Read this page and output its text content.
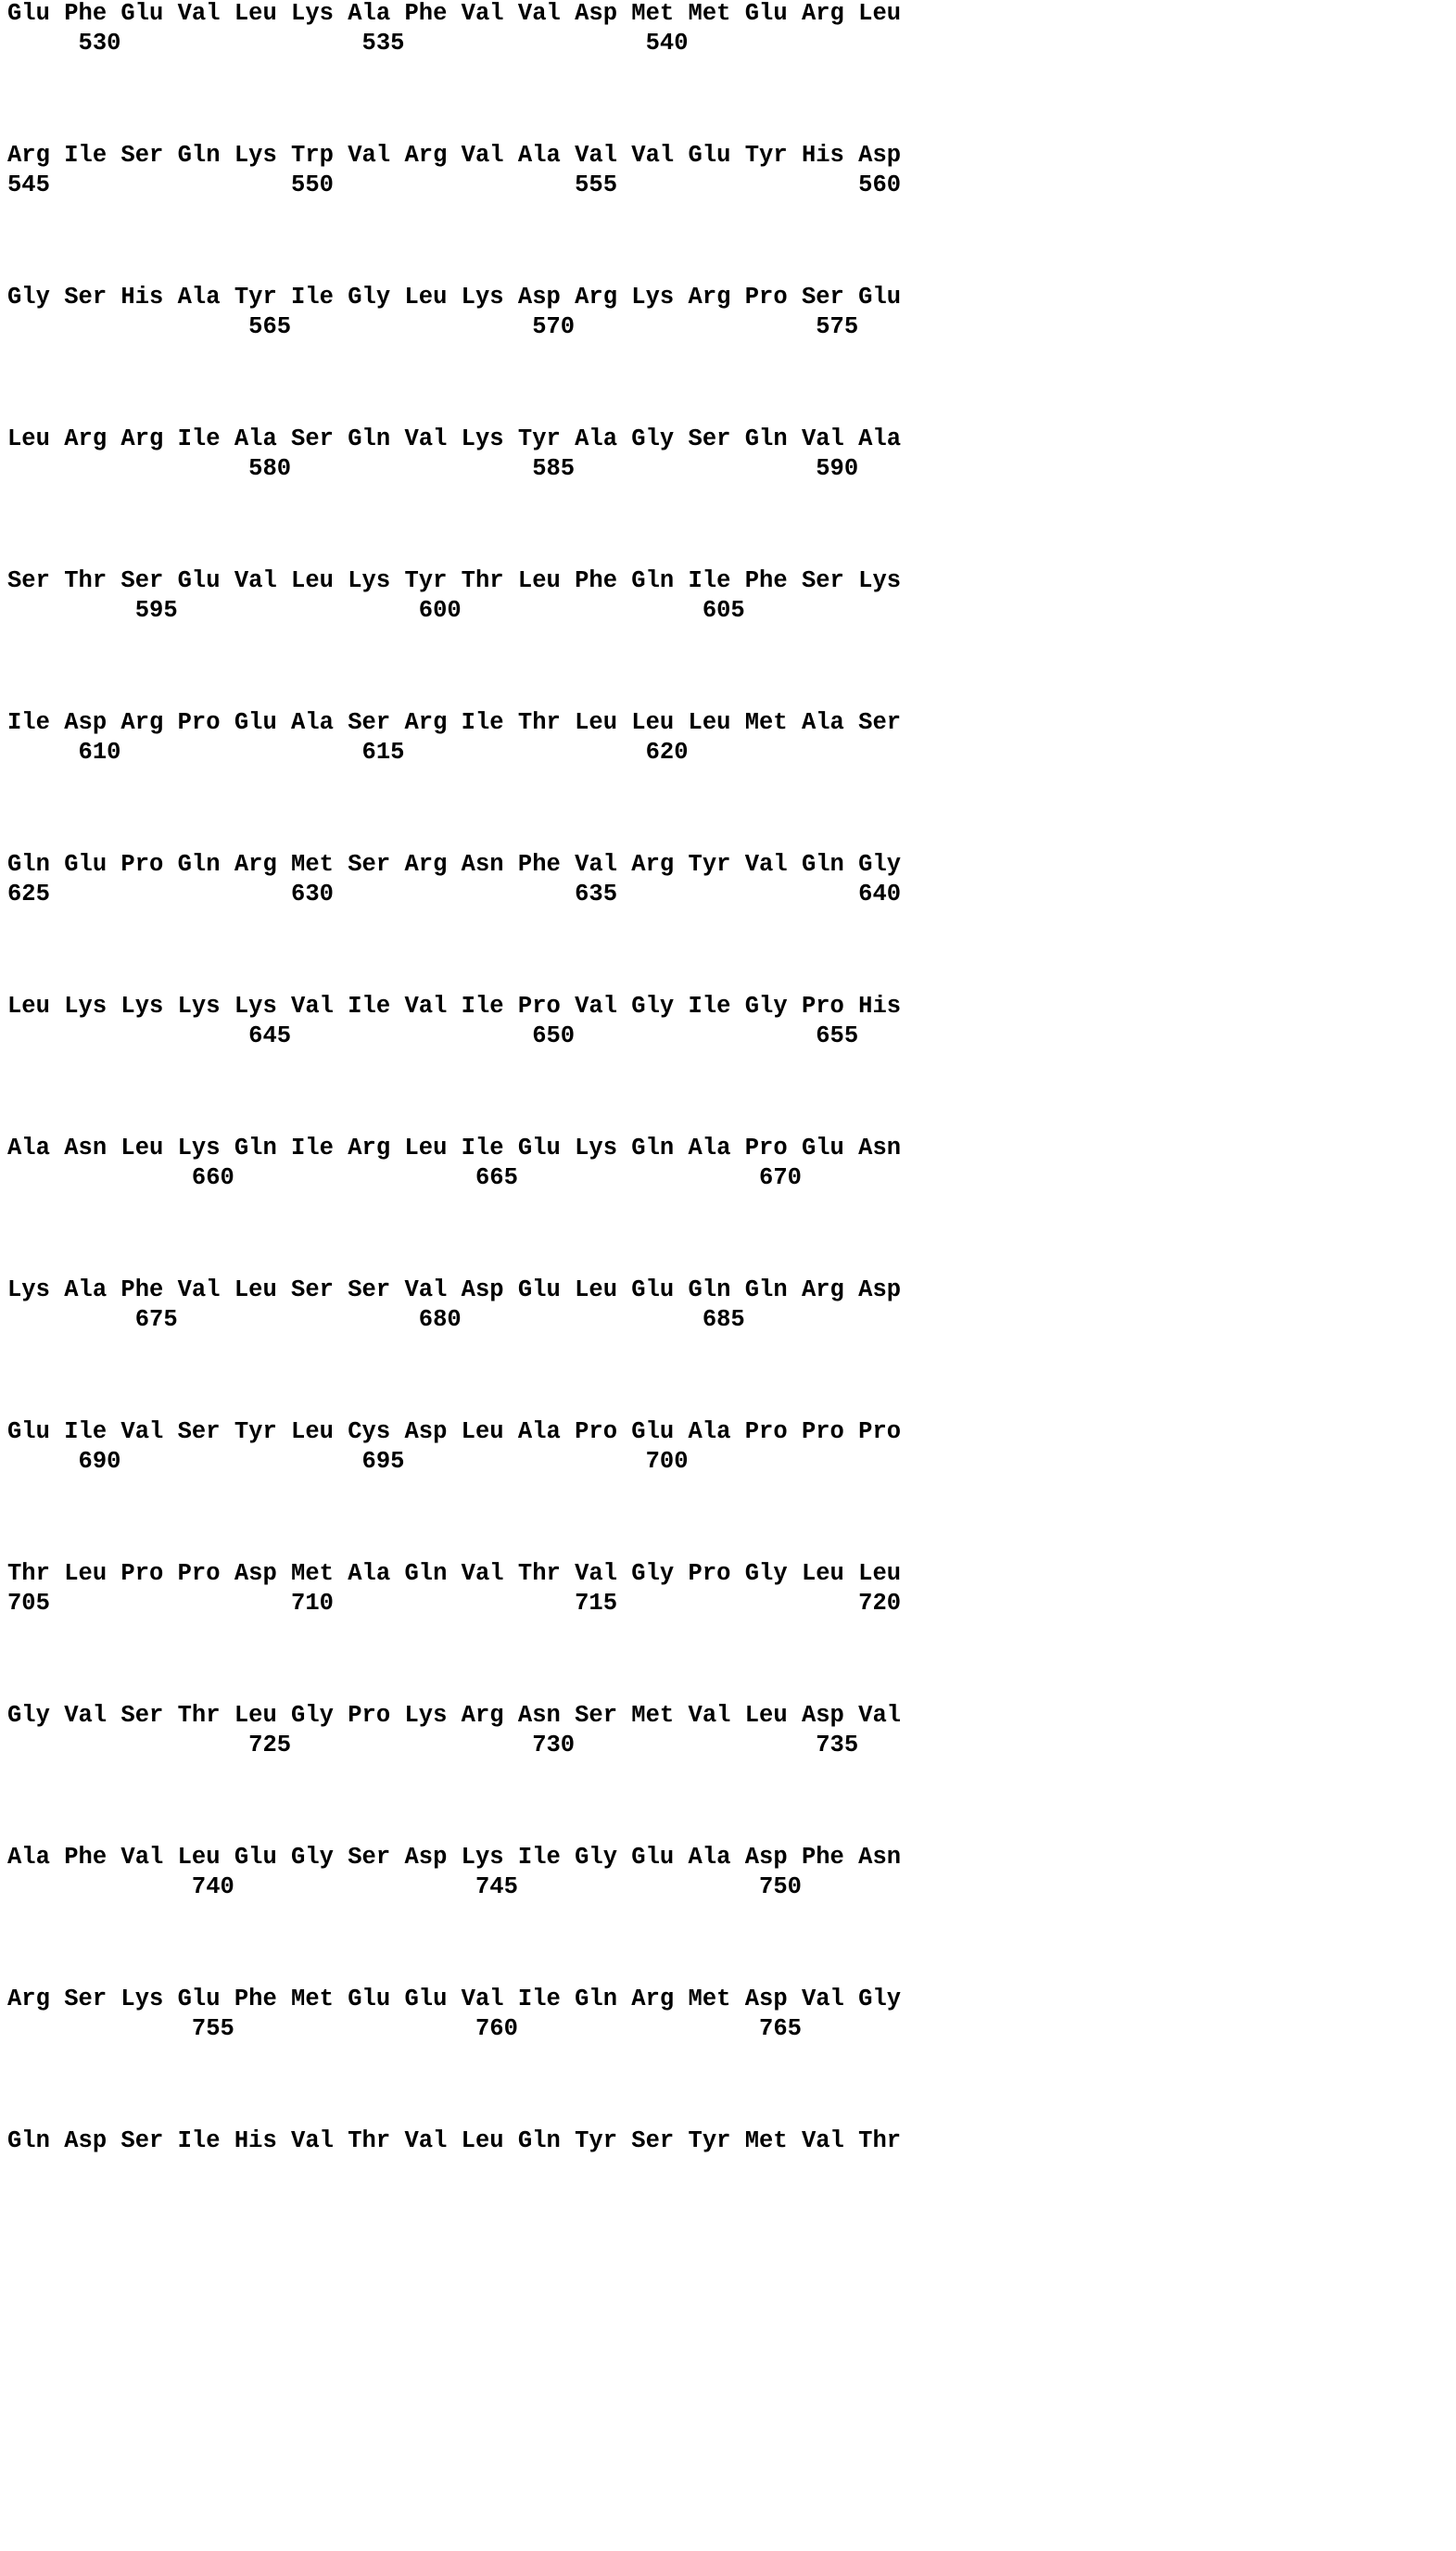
Glu Phe Glu Val Leu Lys Ala Phe Val Val Asp Met Met Glu Arg Leu
530                 535                 540
Arg Ile Ser Gln Lys Trp Val Arg Val Ala Val Val Glu Tyr His Asp
545                 550                 555                 560
Gly Ser His Ala Tyr Ile Gly Leu Lys Asp Arg Lys Arg Pro Ser Glu
565                 570                 575
Leu Arg Arg Ile Ala Ser Gln Val Lys Tyr Ala Gly Ser Gln Val Ala
580                 585                 590
Ser Thr Ser Glu Val Leu Lys Tyr Thr Leu Phe Gln Ile Phe Ser Lys
595                 600                 605
Ile Asp Arg Pro Glu Ala Ser Arg Ile Thr Leu Leu Leu Met Ala Ser
610                 615                 620
Gln Glu Pro Gln Arg Met Ser Arg Asn Phe Val Arg Tyr Val Gln Gly
625                 630                 635                 640
Leu Lys Lys Lys Lys Val Ile Val Ile Pro Val Gly Ile Gly Pro His
645                 650                 655
Ala Asn Leu Lys Gln Ile Arg Leu Ile Glu Lys Gln Ala Pro Glu Asn
660                 665                 670
Lys Ala Phe Val Leu Ser Ser Val Asp Glu Leu Glu Gln Gln Arg Asp
675                 680                 685
Glu Ile Val Ser Tyr Leu Cys Asp Leu Ala Pro Glu Ala Pro Pro Pro
690                 695                 700
Thr Leu Pro Pro Asp Met Ala Gln Val Thr Val Gly Pro Gly Leu Leu
705                 710                 715                 720
Gly Val Ser Thr Leu Gly Pro Lys Arg Asn Ser Met Val Leu Asp Val
725                 730                 735
Ala Phe Val Leu Glu Gly Ser Asp Lys Ile Gly Glu Ala Asp Phe Asn
740                 745                 750
Arg Ser Lys Glu Phe Met Glu Glu Val Ile Gln Arg Met Asp Val Gly
755                 760                 765
Gln Asp Ser Ile His Val Thr Val Leu Gln Tyr Ser Tyr Met Val Thr
